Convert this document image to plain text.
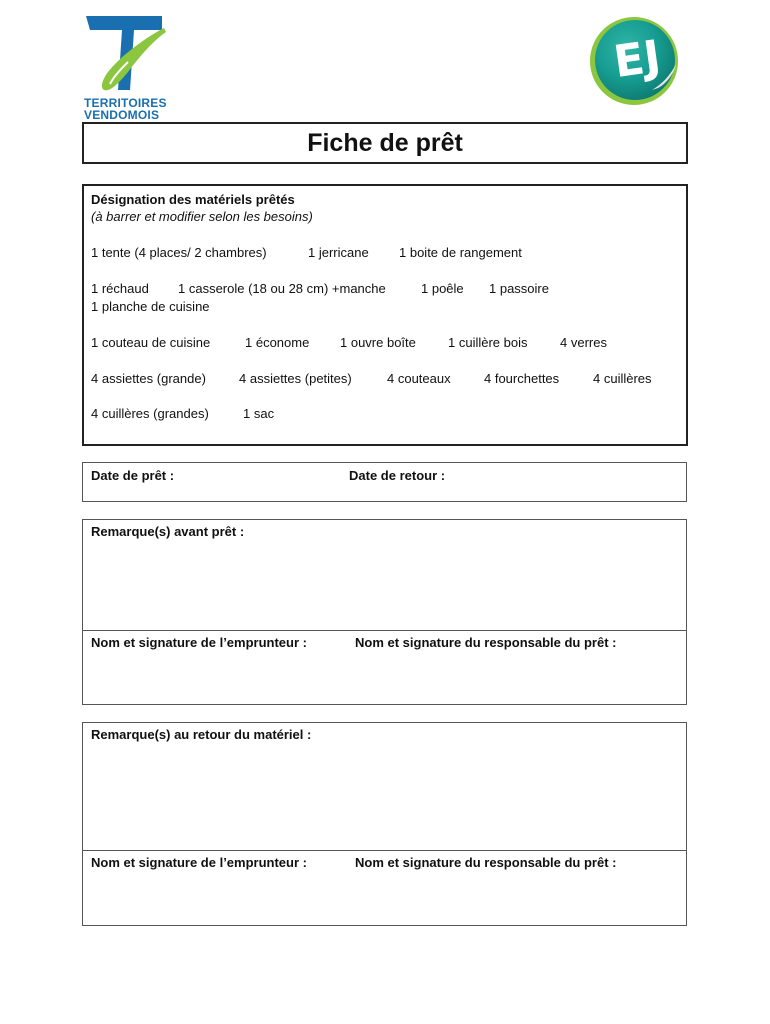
TERRITOIRES
VENDOMOIS
EJ
Fiche de prêt
Désignation des matériels prêtés
(à barrer et modifier selon les besoins)
1 tente (4 places/ 2 chambres)	1 jerricane 1 boite de rangement
1 réchaud 1 casserole (18 ou 28 cm) +manche	1 poêle 1 passoire
1 planche de cuisine
1 couteau de cuisine	1 économe 1 ouvre boîte 1 cuillère bois	4 verres
4 assiettes (grande)	4 assiettes (petites)	4 couteaux	4 fourchettes	4 cuillères
4 cuillères (grandes)	1 sac
Date de prêt :	Date de retour :
Remarque(s) avant prêt :
Nom et signature de l’emprunteur :	Nom et signature du responsable du prêt :
Remarque(s) au retour du matériel :
Nom et signature de l’emprunteur :	Nom et signature du responsable du prêt :
